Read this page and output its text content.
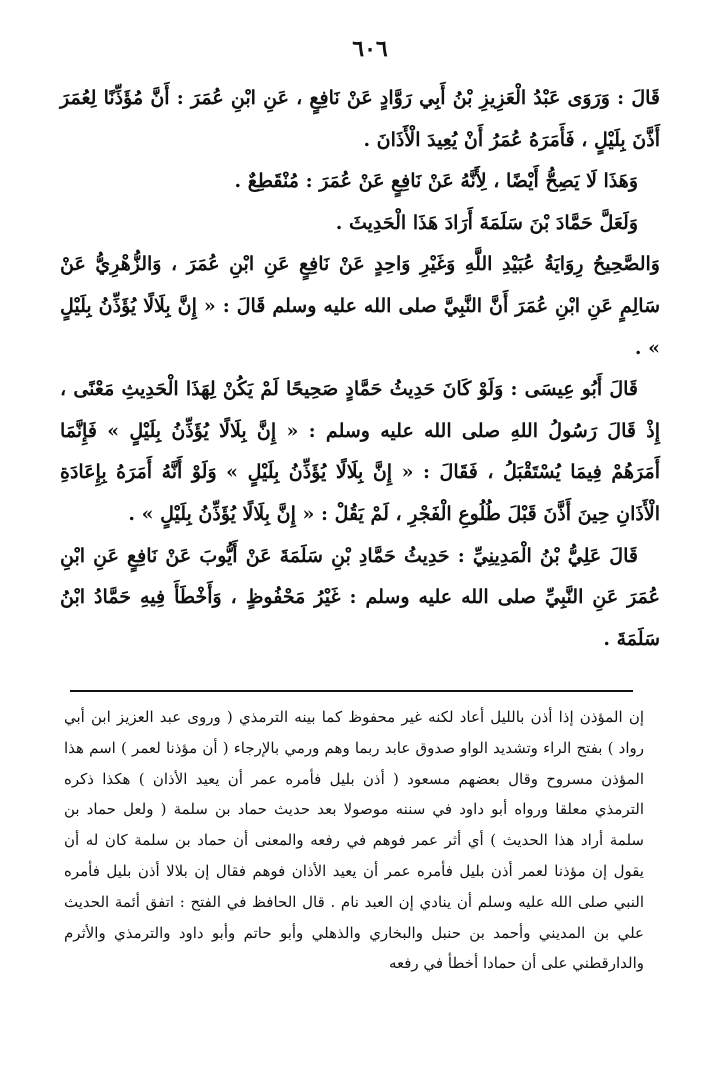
٦٠٦

قَالَ : وَرَوَى عَبْدُ الْعَزِيزِ بْنُ أَبِي رَوَّادٍ عَنْ نَافِعٍ ، عَنِ ابْنِ عُمَرَ : أَنَّ مُؤَذِّنًا لِعُمَرَ أَذَّنَ بِلَيْلٍ ، فَأَمَرَهُ عُمَرُ أَنْ يُعِيدَ الْأَذَانَ .

وَهَذَا لَا يَصِحُّ أَيْضًا ، لِأَنَّهُ عَنْ نَافِعٍ عَنْ عُمَرَ : مُنْقَطِعٌ .

وَلَعَلَّ حَمَّادَ بْنَ سَلَمَةَ أَرَادَ هَذَا الْحَدِيثَ .

وَالصَّحِيحُ رِوَايَةُ عُبَيْدِ اللَّهِ وَغَيْرِ وَاحِدٍ عَنْ نَافِعٍ عَنِ ابْنِ عُمَرَ ، وَالزُّهْرِيُّ عَنْ سَالِمٍ عَنِ ابْنِ عُمَرَ أَنَّ النَّبِيَّ صلى الله عليه وسلم قَالَ : « إِنَّ بِلَالًا يُؤَذِّنُ بِلَيْلٍ » .

قَالَ أَبُو عِيسَى : وَلَوْ كَانَ حَدِيثُ حَمَّادٍ صَحِيحًا لَمْ يَكُنْ لِهَذَا الْحَدِيثِ مَعْنًى ، إِذْ قَالَ رَسُولُ اللهِ صلى الله عليه وسلم : « إِنَّ بِلَالًا يُؤَذِّنُ بِلَيْلٍ » فَإِنَّمَا أَمَرَهُمْ فِيمَا يُسْتَقْبَلُ ، فَقَالَ : « إِنَّ بِلَالًا يُؤَذِّنُ بِلَيْلٍ » وَلَوْ أَنَّهُ أَمَرَهُ بِإِعَادَةِ الْأَذَانِ حِينَ أَذَّنَ قَبْلَ طُلُوعِ الْفَجْرِ ، لَمْ يَقُلْ : « إِنَّ بِلَالًا يُؤَذِّنُ بِلَيْلٍ » .

قَالَ عَلِيُّ بْنُ الْمَدِينِيِّ : حَدِيثُ حَمَّادِ بْنِ سَلَمَةَ عَنْ أَيُّوبَ عَنْ نَافِعٍ عَنِ ابْنِ عُمَرَ عَنِ النَّبِيِّ صلى الله عليه وسلم : غَيْرُ مَحْفُوظٍ ، وَأَخْطَأَ فِيهِ حَمَّادُ ابْنُ سَلَمَةَ .

إن المؤذن إذا أذن بالليل أعاد لكنه غير محفوظ كما بينه الترمذي ( وروى عبد العزيز ابن أبي رواد ) بفتح الراء وتشديد الواو صدوق عابد ربما وهم ورمي بالإرجاء ( أن مؤذنا لعمر ) اسم هذا المؤذن مسروح وقال بعضهم مسعود ( أذن بليل فأمره عمر أن يعيد الأذان ) هكذا ذكره الترمذي معلقا ورواه أبو داود في سننه موصولا بعد حديث حماد بن سلمة ( ولعل حماد بن سلمة أراد هذا الحديث ) أي أثر عمر فوهم في رفعه والمعنى أن حماد بن سلمة كان له أن يقول إن مؤذنا لعمر أذن بليل فأمره عمر أن يعيد الأذان فوهم فقال إن بلالا أذن بليل فأمره النبي صلى الله عليه وسلم أن ينادي إن العبد نام . قال الحافظ في الفتح : اتفق أئمة الحديث علي بن المديني وأحمد بن حنبل والبخاري والذهلي وأبو حاتم وأبو داود والترمذي والأثرم والدارقطني على أن حمادا أخطأ في رفعه
